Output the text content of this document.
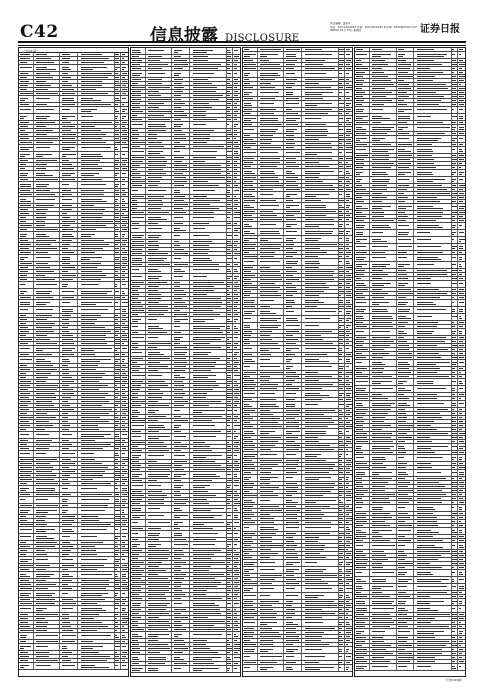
C42	信息披露 DISCLOSURE
责任编辑：董某某
电话：010-XXXXXXX 传真：010-XXXXXXX E-mail: XXXX@XXXX.com
2009年 10月 15日 星期四	证券日报
（上接C41版）
（下转C43版）
